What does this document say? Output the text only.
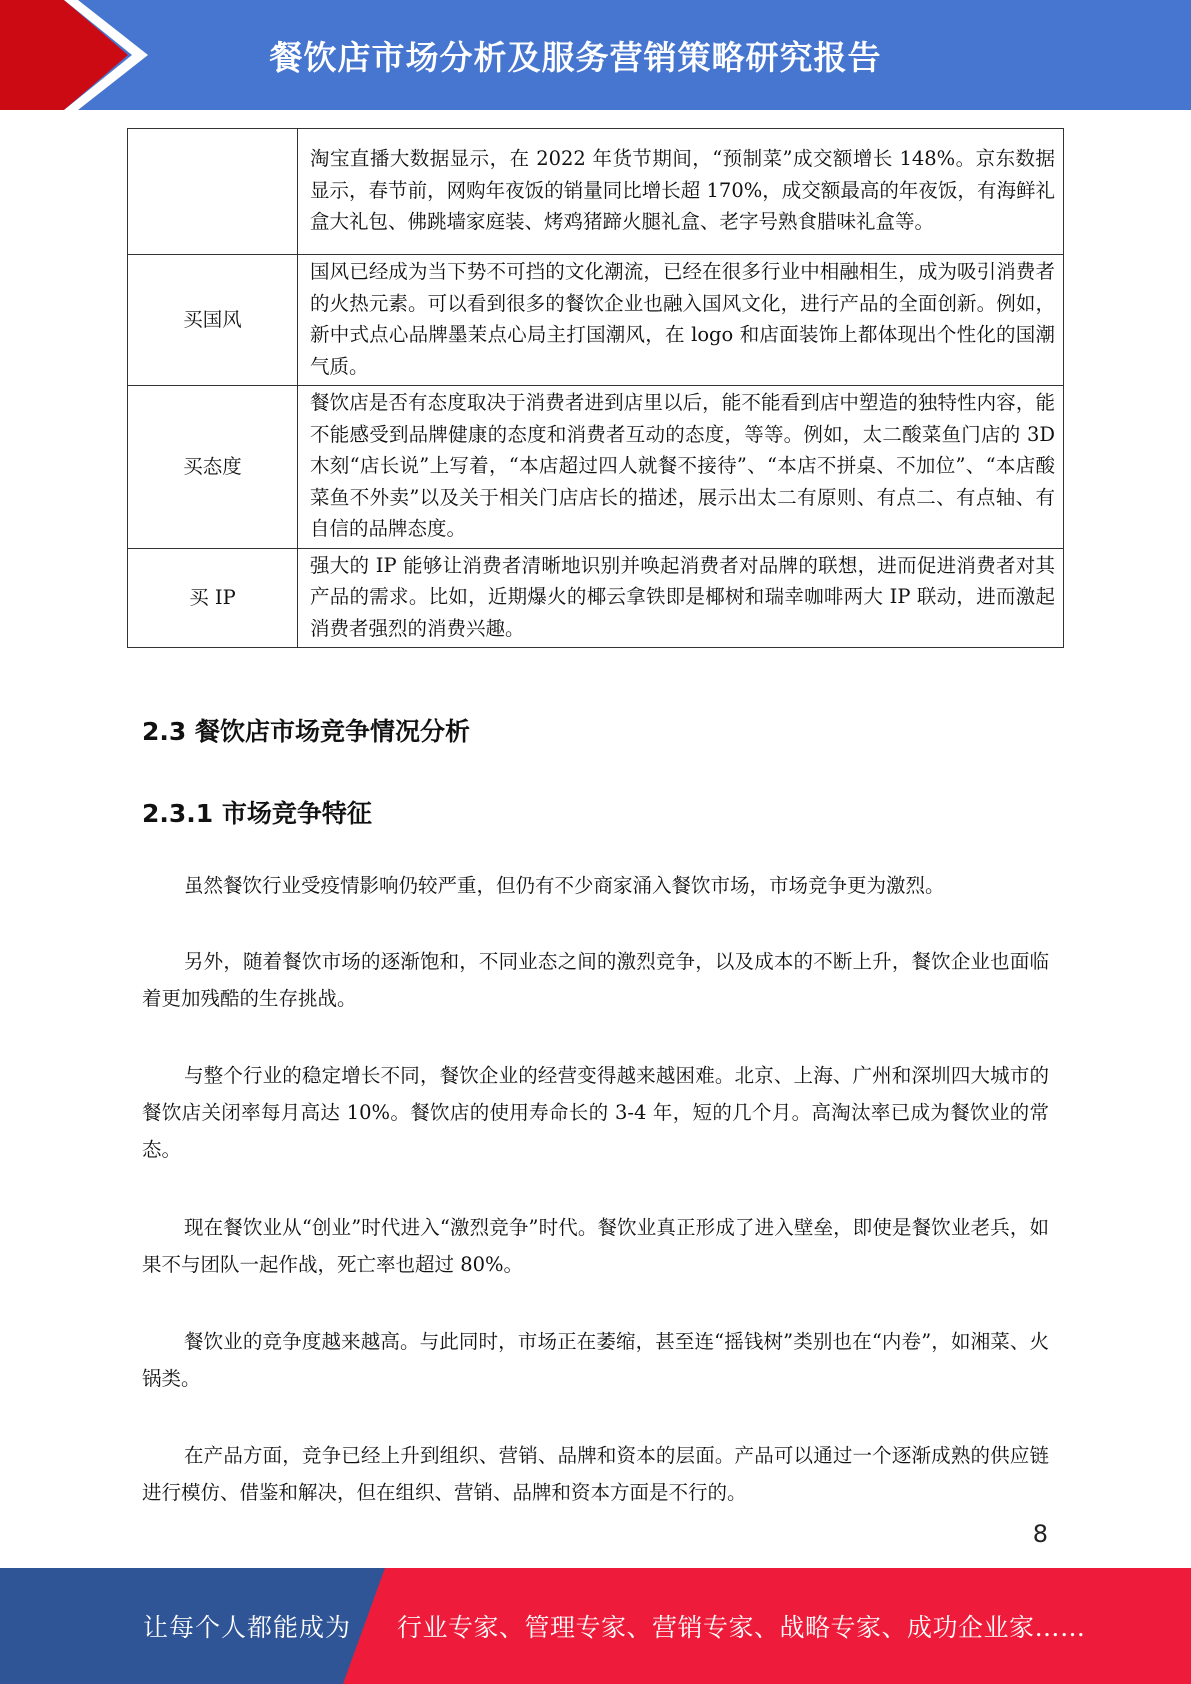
餐饮店市场分析及服务营销策略研究报告
	淘宝直播大数据显示，在 2022 年货节期间，“预制菜”成交额增长 148%。京东数据显示，春节前，网购年夜饭的销量同比增长超 170%，成交额最高的年夜饭，有海鲜礼盒大礼包、佛跳墙家庭装、烤鸡猪蹄火腿礼盒、老字号熟食腊味礼盒等。
买国风	国风已经成为当下势不可挡的文化潮流，已经在很多行业中相融相生，成为吸引消费者的火热元素。可以看到很多的餐饮企业也融入国风文化，进行产品的全面创新。例如，新中式点心品牌墨茉点心局主打国潮风，在 logo 和店面装饰上都体现出个性化的国潮气质。
买态度	餐饮店是否有态度取决于消费者进到店里以后，能不能看到店中塑造的独特性内容，能不能感受到品牌健康的态度和消费者互动的态度，等等。例如，太二酸菜鱼门店的 3D 木刻“店长说”上写着，“本店超过四人就餐不接待”、“本店不拼桌、不加位”、“本店酸菜鱼不外卖”以及关于相关门店店长的描述，展示出太二有原则、有点二、有点轴、有自信的品牌态度。
买 IP	强大的 IP 能够让消费者清晰地识别并唤起消费者对品牌的联想，进而促进消费者对其产品的需求。比如，近期爆火的椰云拿铁即是椰树和瑞幸咖啡两大 IP 联动，进而激起消费者强烈的消费兴趣。
2.3 餐饮店市场竞争情况分析
2.3.1 市场竞争特征

虽然餐饮行业受疫情影响仍较严重，但仍有不少商家涌入餐饮市场，市场竞争更为激烈。

另外，随着餐饮市场的逐渐饱和，不同业态之间的激烈竞争，以及成本的不断上升，餐饮企业也面临着更加残酷的生存挑战。

与整个行业的稳定增长不同，餐饮企业的经营变得越来越困难。北京、上海、广州和深圳四大城市的餐饮店关闭率每月高达 10%。餐饮店的使用寿命长的 3-4 年，短的几个月。高淘汰率已成为餐饮业的常态。

现在餐饮业从“创业”时代进入“激烈竞争”时代。餐饮业真正形成了进入壁垒，即使是餐饮业老兵，如果不与团队一起作战，死亡率也超过 80%。

餐饮业的竞争度越来越高。与此同时，市场正在萎缩，甚至连“摇钱树”类别也在“内卷”，如湘菜、火锅类。

在产品方面，竞争已经上升到组织、营销、品牌和资本的层面。产品可以通过一个逐渐成熟的供应链进行模仿、借鉴和解决，但在组织、营销、品牌和资本方面是不行的。

8
让每个人都能成为 行业专家、管理专家、营销专家、战略专家、成功企业家……
